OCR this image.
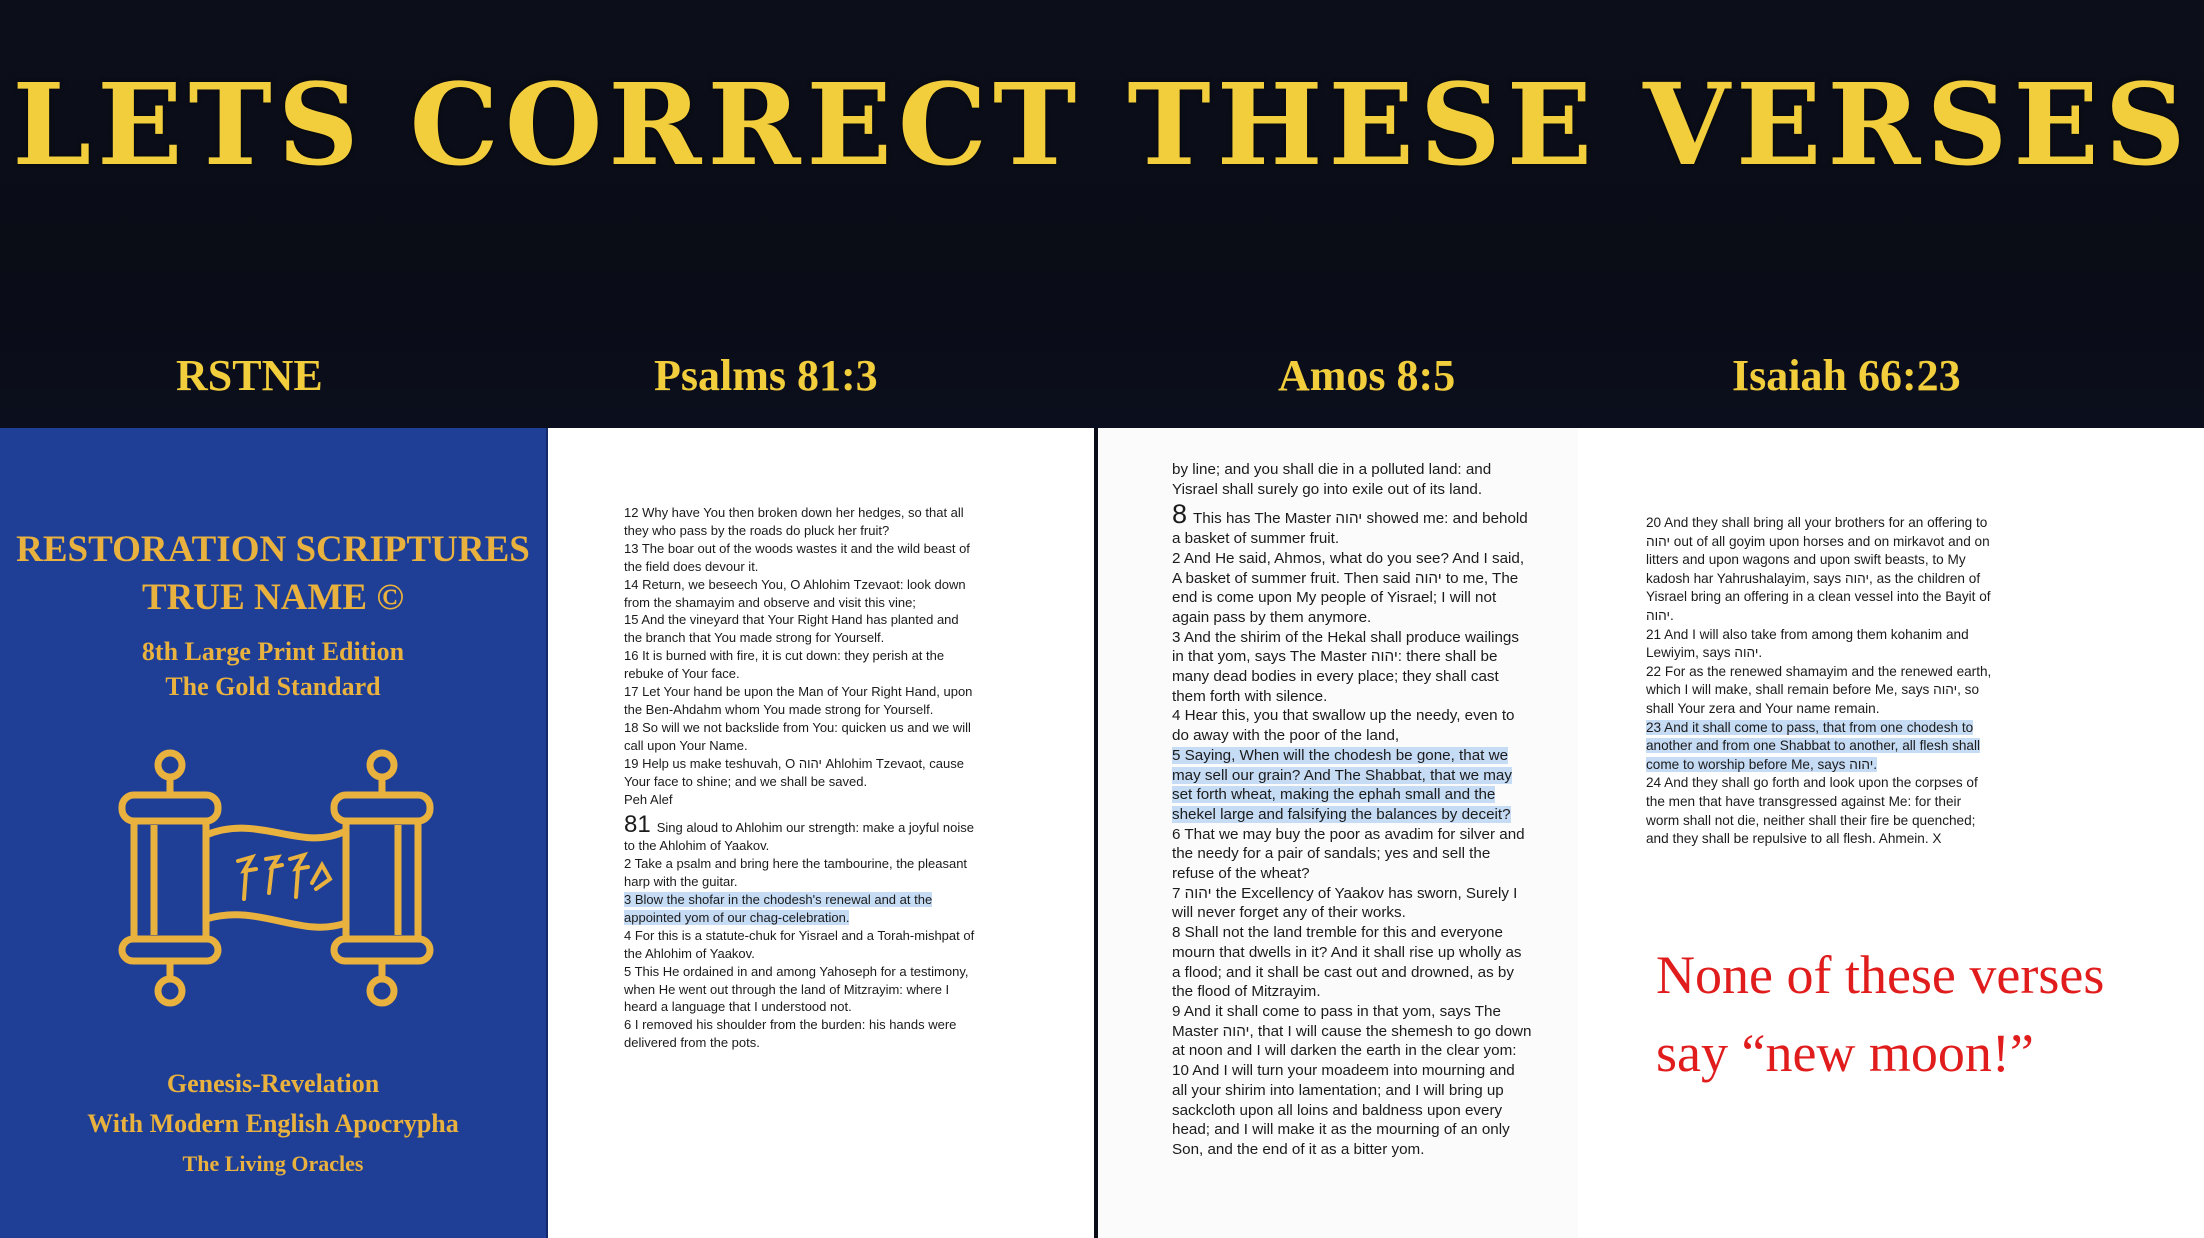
LETS CORRECT THESE VERSES
RSTNE	Psalms 81:3	Amos 8:5	Isaiah 66:23
RESTORATION SCRIPTURES
TRUE NAME ©
8th Large Print Edition
The Gold Standard
Genesis-Revelation
With Modern English Apocrypha
The Living Oracles
12 Why have You then broken down her hedges, so that all they who pass by the roads do pluck her fruit?
13 The boar out of the woods wastes it and the wild beast of the field does devour it.
14 Return, we beseech You, O Ahlohim Tzevaot: look down from the shamayim and observe and visit this vine;
15 And the vineyard that Your Right Hand has planted and the branch that You made strong for Yourself.
16 It is burned with fire, it is cut down: they perish at the rebuke of Your face.
17 Let Your hand be upon the Man of Your Right Hand, upon the Ben-Ahdahm whom You made strong for Yourself.
18 So will we not backslide from You: quicken us and we will call upon Your Name.
19 Help us make teshuvah, O יהוה Ahlohim Tzevaot, cause Your face to shine; and we shall be saved.
Peh Alef
81 Sing aloud to Ahlohim our strength: make a joyful noise to the Ahlohim of Yaakov.
2 Take a psalm and bring here the tambourine, the pleasant harp with the guitar.
3 Blow the shofar in the chodesh's renewal and at the appointed yom of our chag-celebration.
4 For this is a statute-chuk for Yisrael and a Torah-mishpat of the Ahlohim of Yaakov.
5 This He ordained in and among Yahoseph for a testimony, when He went out through the land of Mitzrayim: where I heard a language that I understood not.
6 I removed his shoulder from the burden: his hands were delivered from the pots.
by line; and you shall die in a polluted land: and Yisrael shall surely go into exile out of its land.
8 This has The Master יהוה showed me: and behold a basket of summer fruit.
2 And He said, Ahmos, what do you see? And I said, A basket of summer fruit. Then said יהוה to me, The end is come upon My people of Yisrael; I will not again pass by them anymore.
3 And the shirim of the Hekal shall produce wailings in that yom, says The Master יהוה: there shall be many dead bodies in every place; they shall cast them forth with silence.
4 Hear this, you that swallow up the needy, even to do away with the poor of the land,
5 Saying, When will the chodesh be gone, that we may sell our grain? And The Shabbat, that we may set forth wheat, making the ephah small and the shekel large and falsifying the balances by deceit?
6 That we may buy the poor as avadim for silver and the needy for a pair of sandals; yes and sell the refuse of the wheat?
7 יהוה the Excellency of Yaakov has sworn, Surely I will never forget any of their works.
8 Shall not the land tremble for this and everyone mourn that dwells in it? And it shall rise up wholly as a flood; and it shall be cast out and drowned, as by the flood of Mitzrayim.
9 And it shall come to pass in that yom, says The Master יהוה, that I will cause the shemesh to go down at noon and I will darken the earth in the clear yom:
10 And I will turn your moadeem into mourning and all your shirim into lamentation; and I will bring up sackcloth upon all loins and baldness upon every head; and I will make it as the mourning of an only Son, and the end of it as a bitter yom.
20 And they shall bring all your brothers for an offering to יהוה out of all goyim upon horses and on mirkavot and on litters and upon wagons and upon swift beasts, to My kadosh har Yahrushalayim, says יהוה, as the children of Yisrael bring an offering in a clean vessel into the Bayit of יהוה.
21 And I will also take from among them kohanim and Lewiyim, says יהוה.
22 For as the renewed shamayim and the renewed earth, which I will make, shall remain before Me, says יהוה, so shall Your zera and Your name remain.
23 And it shall come to pass, that from one chodesh to another and from one Shabbat to another, all flesh shall come to worship before Me, says יהוה.
24 And they shall go forth and look upon the corpses of the men that have transgressed against Me: for their worm shall not die, neither shall their fire be quenched; and they shall be repulsive to all flesh. Ahmein. X
None of these verses say “new moon!”
